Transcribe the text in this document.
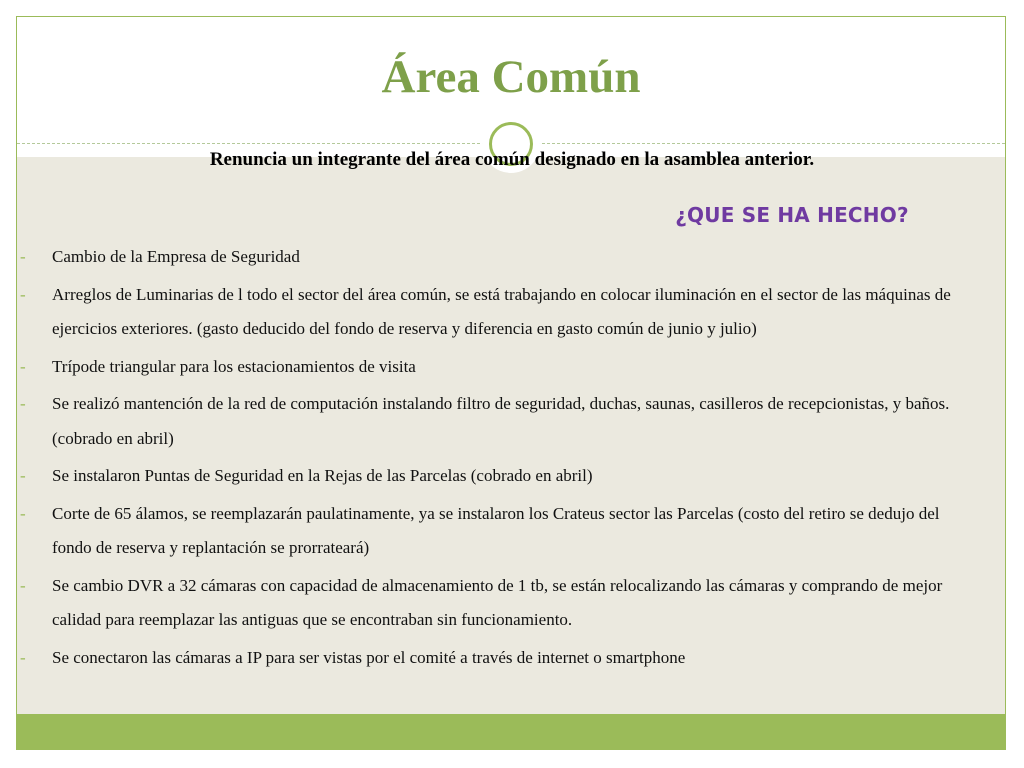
Área Común
Renuncia un integrante del área común designado en la asamblea anterior.
¿QUE SE HA HECHO?
- Cambio de la Empresa de Seguridad
- Arreglos de Luminarias de l todo el sector del área común, se está trabajando en colocar iluminación en el sector de las máquinas de ejercicios exteriores. (gasto deducido del fondo de reserva y diferencia en gasto común de junio y julio)
- Trípode triangular para los estacionamientos de visita
- Se realizó mantención de la red de computación instalando filtro de seguridad, duchas, saunas, casilleros de recepcionistas, y baños. (cobrado en abril)
- Se instalaron Puntas de Seguridad en la Rejas de las Parcelas (cobrado en abril)
- Corte de 65 álamos, se reemplazarán paulatinamente, ya se instalaron los Crateus sector las Parcelas (costo del retiro se dedujo del fondo de reserva y replantación se prorrateará)
- Se cambio DVR a 32 cámaras con capacidad de almacenamiento de 1 tb, se están relocalizando las cámaras y comprando de mejor calidad para reemplazar las antiguas que se encontraban sin funcionamiento.
- Se conectaron las cámaras a IP para ser vistas por el comité a través de internet o smartphone
